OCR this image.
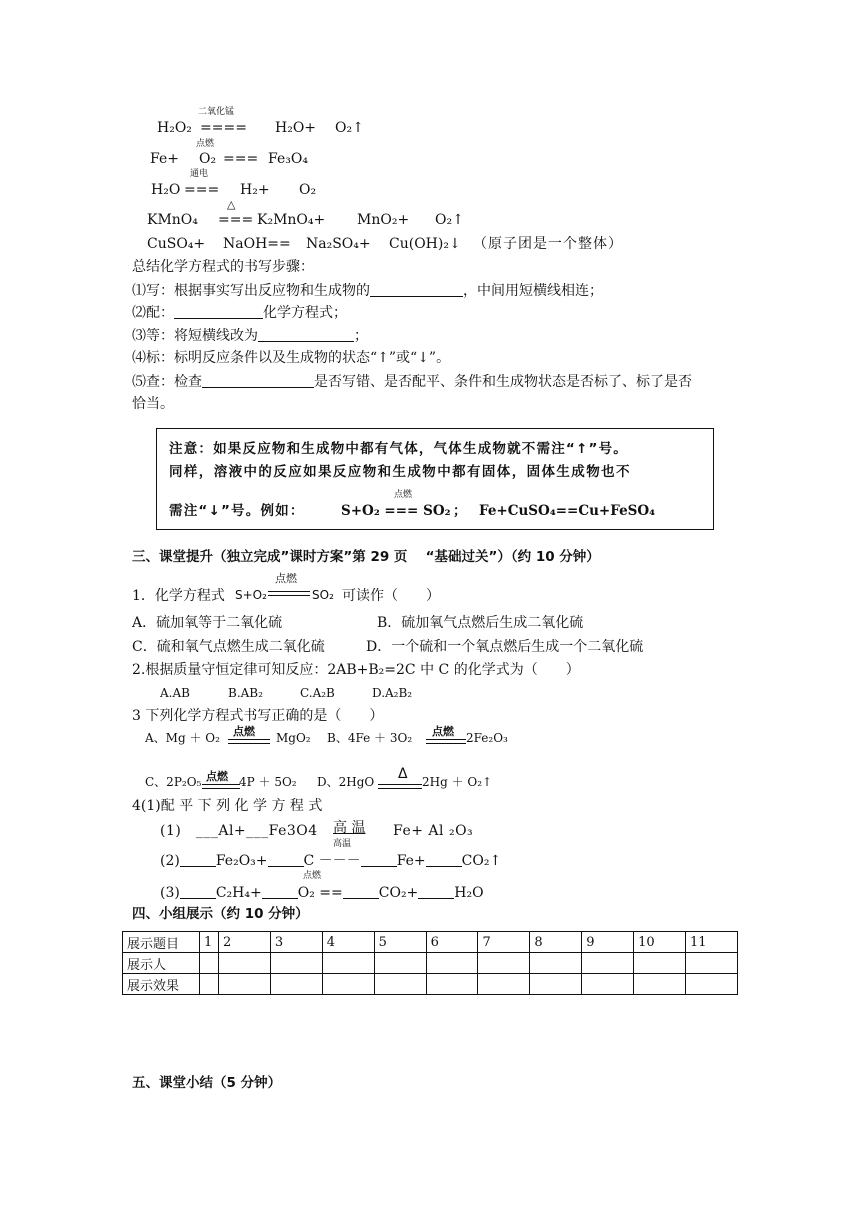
二氧化锰
H₂O₂ ==== H₂O+ O₂↑
点燃
Fe+ O₂ === Fe₃O₄
通电
H₂O === H₂+ O₂
△
KMnO₄ === K₂MnO₄+ MnO₂+ O₂↑
CuSO₄+ NaOH== Na₂SO₄+ Cu(OH)₂↓ （原子团是一个整体）
总结化学方程式的书写步骤：
⑴写：根据事实写出反应物和生成物的	，中间用短横线相连；
⑵配：	化学方程式；
⑶等：将短横线改为	；
⑷标：标明反应条件以及生成物的状态“↑”或“↓”。
⑸查：检查	是否写错、是否配平、条件和生成物状态是否标了、标了是否
恰当。
注意：如果反应物和生成物中都有气体，气体生成物就不需注“↑”号。
同样，溶液中的反应如果反应物和生成物中都有固体，固体生成物也不
点燃
需注“↓”号。例如：	S+O₂ === SO₂ ； Fe+CuSO₄==Cu+FeSO₄
三、课堂提升（独立完成”课时方案”第 29 页　 “基础过关”）（约 10 分钟）
1．化学方程式 S+O₂
点燃
SO₂ 可读作（　　）
A．硫加氧等于二氧化硫	B．硫加氧气点燃后生成二氧化硫
C．硫和氧气点燃生成二氧化硫	D．一个硫和一个氧点燃后生成一个二氧化硫
2.根据质量守恒定律可知反应：2AB+B₂=2C 中 C 的化学式为（　　）
A.AB	B.AB₂	C.A₂B	D.A₂B₂
3 下列化学方程式书写正确的是（　　）
A、Mg ＋ O₂ 点燃 MgO₂ B、4Fe ＋ 3O₂ 点燃 2Fe₂O₃
C、2P₂O₅ 点燃 4P ＋ 5O₂ D、2HgO Δ 2Hg ＋ O₂↑
4(1)配 平 下 列 化 学 方 程 式
(1)　___Al+___Fe3O4 高 温 Fe+ Al ₂O₃
高温
(2)	Fe₂O₃+	C －－－	Fe+	CO₂↑
点燃
(3)	C₂H₄+	O₂ ==	CO₂+	H₂O
四、小组展示（约 10 分钟）
展示题目	1	2	3	4	5	6	7	8	9	10	11
展示人											
展示效果											
五、课堂小结（5 分钟）
